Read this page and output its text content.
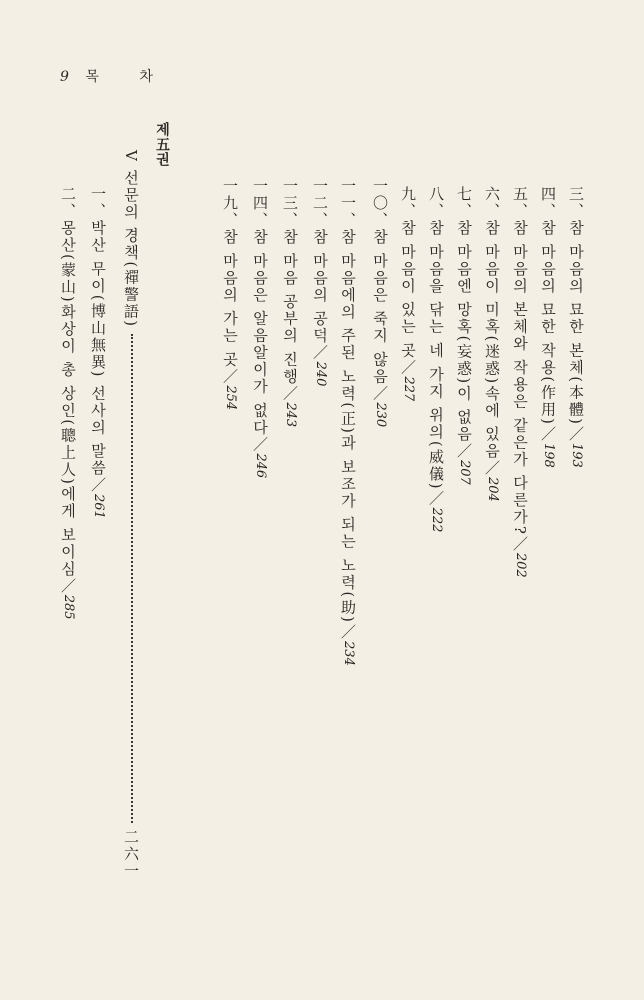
9 목	차
三、참 마음의 묘한 본체(本體)／193
四、참 마음의 묘한 작용(作用)／198
五、참 마음의 본체와 작용은 같은가 다른가?／202
六、참 마음이 미혹(迷惑)속에 있음／204
七、참 마음엔 망혹(妄惑)이 없음／207
八、참 마음을 닦는 네 가지 위의(威儀)／222
九、참 마음이 있는 곳／227
一〇、참 마음은 죽지 않음／230
一一、참 마음에의 주된 노력(正)과 보조가 되는 노력(助)／234
一二、참 마음의 공덕／240
一三、참 마음 공부의 진행／243
一四、참 마음은 알음알이가 없다／246
一九、참 마음의 가는 곳／254
제五권
V 선문의 경책(禪警語)
二六一
一、박산 무이(博山無異) 선사의 말씀／261
二、몽산(蒙山)화상이 총 상인(聰上人)에게 보이심／285
